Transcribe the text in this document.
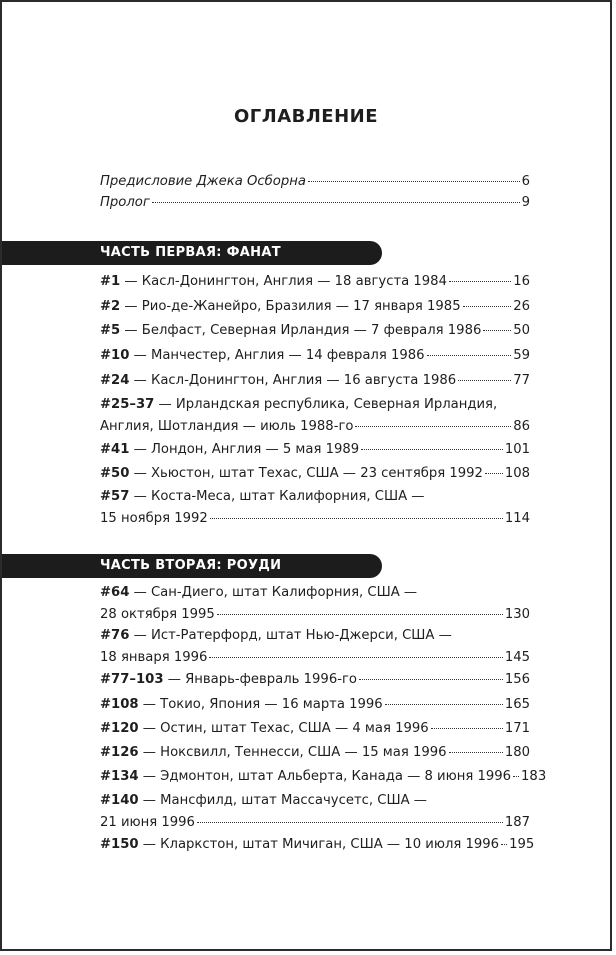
ОГЛАВЛЕНИЕ
Предисловие Джека Осборна	6
Пролог	9
ЧАСТЬ ПЕРВАЯ: ФАНАТ
#1 — Касл-Донингтон, Англия — 18 августа 1984	16
#2 — Рио-де-Жанейро, Бразилия — 17 января 1985	26
#5 — Белфаст, Северная Ирландия — 7 февраля 1986 50
#10 — Манчестер, Англия — 14 февраля 1986	59
#24 — Касл-Донингтон, Англия — 16 августа 1986	77
#25–37 — Ирландская республика, Северная Ирландия,
Англия, Шотландия — июль 1988-го	86
#41 — Лондон, Англия — 5 мая 1989	101
#50 — Хьюстон, штат Техас, США — 23 сентября 1992 108
#57 — Коста-Меса, штат Калифорния, США —
15 ноября 1992	114
ЧАСТЬ ВТОРАЯ: РОУДИ
#64 — Сан-Диего, штат Калифорния, США —
28 октября 1995	130
#76 — Ист-Ратерфорд, штат Нью-Джерси, США —
18 января 1996	145
#77–103 — Январь-февраль 1996-го	156
#108 — Токио, Япония — 16 марта 1996	165
#120 — Остин, штат Техас, США — 4 мая 1996	171
#126 — Ноксвилл, Теннесси, США — 15 мая 1996	180
#134 — Эдмонтон, штат Альберта, Канада — 8 июня 1996 183
#140 — Мансфилд, штат Массачусетс, США —
21 июня 1996	187
#150 — Кларкстон, штат Мичиган, США — 10 июля 1996 195
